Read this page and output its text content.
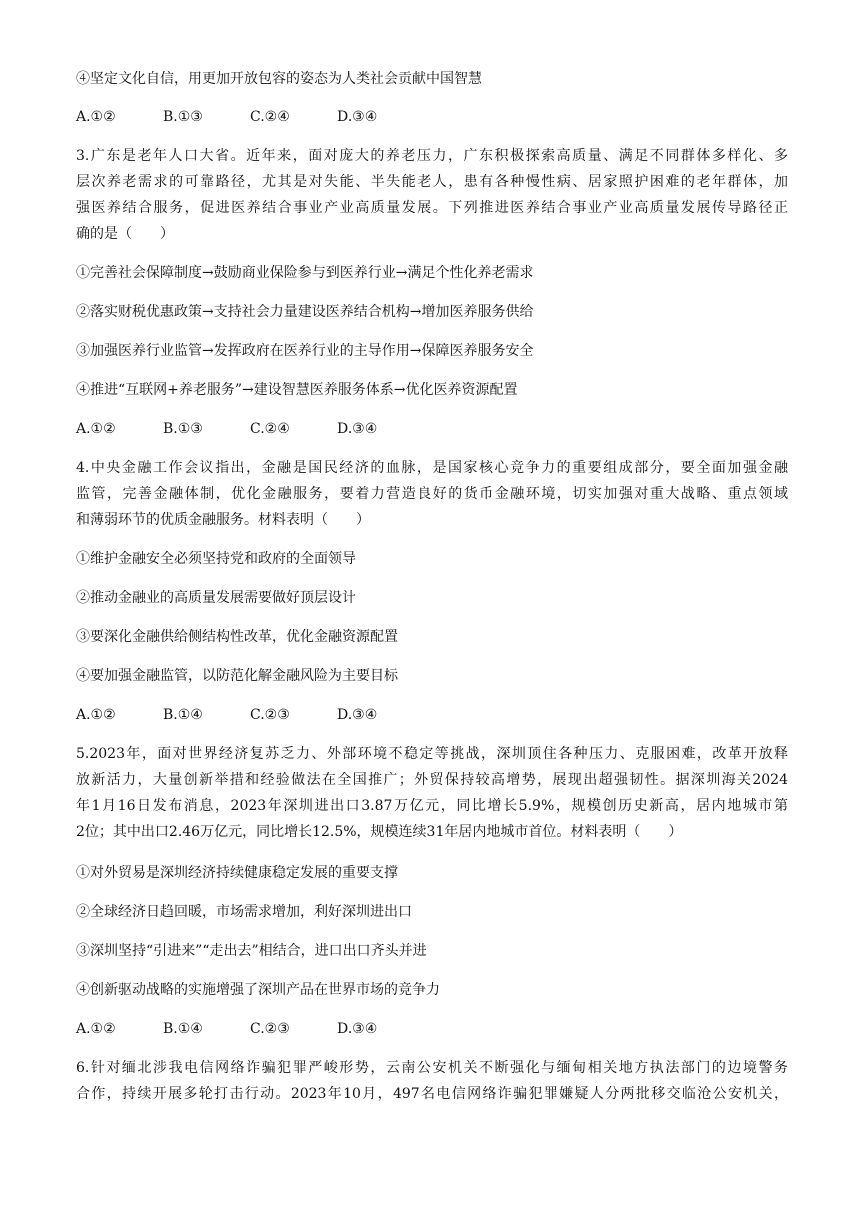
④坚定文化自信，用更加开放包容的姿态为人类社会贡献中国智慧
A.①②	B.①③	C.②④	D.③④
3.广东是老年人口大省。近年来，面对庞大的养老压力，广东积极探索高质量、满足不同群体多样化、多
层次养老需求的可靠路径，尤其是对失能、半失能老人，患有各种慢性病、居家照护困难的老年群体，加
强医养结合服务，促进医养结合事业产业高质量发展。下列推进医养结合事业产业高质量发展传导路径正
确的是（　　）
①完善社会保障制度→鼓励商业保险参与到医养行业→满足个性化养老需求
②落实财税优惠政策→支持社会力量建设医养结合机构→增加医养服务供给
③加强医养行业监管→发挥政府在医养行业的主导作用→保障医养服务安全
④推进“互联网+养老服务”→建设智慧医养服务体系→优化医养资源配置
A.①②	B.①③	C.②④	D.③④
4.中央金融工作会议指出，金融是国民经济的血脉，是国家核心竞争力的重要组成部分，要全面加强金融
监管，完善金融体制，优化金融服务，要着力营造良好的货币金融环境，切实加强对重大战略、重点领域
和薄弱环节的优质金融服务。材料表明（　　）
①维护金融安全必须坚持党和政府的全面领导
②推动金融业的高质量发展需要做好顶层设计
③要深化金融供给侧结构性改革，优化金融资源配置
④要加强金融监管，以防范化解金融风险为主要目标
A.①②	B.①④	C.②③	D.③④
5.2023年，面对世界经济复苏乏力、外部环境不稳定等挑战，深圳顶住各种压力、克服困难，改革开放释
放新活力，大量创新举措和经验做法在全国推广；外贸保持较高增势，展现出超强韧性。据深圳海关2024
年1月16日发布消息，2023年深圳进出口3.87万亿元，同比增长5.9%，规模创历史新高，居内地城市第
2位；其中出口2.46万亿元，同比增长12.5%，规模连续31年居内地城市首位。材料表明（　　）
①对外贸易是深圳经济持续健康稳定发展的重要支撑
②全球经济日趋回暖，市场需求增加，利好深圳进出口
③深圳坚持“引进来”“走出去”相结合，进口出口齐头并进
④创新驱动战略的实施增强了深圳产品在世界市场的竞争力
A.①②	B.①④	C.②③	D.③④
6.针对缅北涉我电信网络诈骗犯罪严峻形势，云南公安机关不断强化与缅甸相关地方执法部门的边境警务
合作，持续开展多轮打击行动。2023年10月，497名电信网络诈骗犯罪嫌疑人分两批移交临沧公安机关，
